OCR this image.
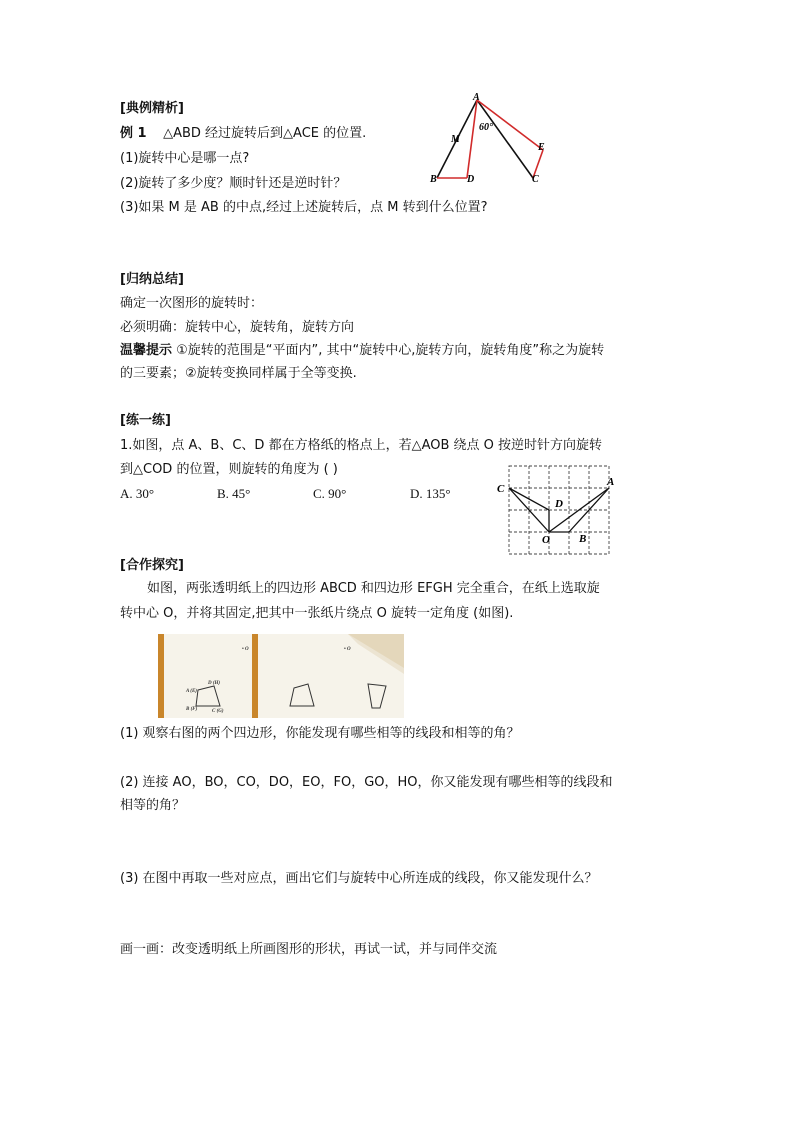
[典例精析]
例 1 △ABD 经过旋转后到△ACE 的位置.
(1)旋转中心是哪一点?
(2)旋转了多少度？顺时针还是逆时针？
(3)如果 M 是 AB 的中点,经过上述旋转后，点 M 转到什么位置?
A
M
60°
E
B	D	C
[归纳总结]
确定一次图形的旋转时：
必须明确：旋转中心，旋转角，旋转方向
温馨提示 ①旋转的范围是“平面内”, 其中“旋转中心,旋转方向，旋转角度”称之为旋转
的三要素；②旋转变换同样属于全等变换.
[练一练]
1.如图，点 A、B、C、D 都在方格纸的格点上，若△AOB 绕点 O 按逆时针方向旋转
到△COD 的位置，则旋转的角度为 ( )
A. 30°	B. 45°	C. 90°	D. 135°	C
A
D
O	B
[合作探究]
如图，两张透明纸上的四边形 ABCD 和四边形 EFGH 完全重合，在纸上选取旋
转中心 O，并将其固定,把其中一张纸片绕点 O 旋转一定角度 (如图).
A (E)
D (H)
B (F)	C (G)
• O	• O
(1) 观察右图的两个四边形，你能发现有哪些相等的线段和相等的角？
(2) 连接 AO，BO，CO，DO，EO，FO，GO，HO，你又能发现有哪些相等的线段和
相等的角？
(3) 在图中再取一些对应点，画出它们与旋转中心所连成的线段，你又能发现什么？
画一画：改变透明纸上所画图形的形状，再试一试，并与同伴交流
